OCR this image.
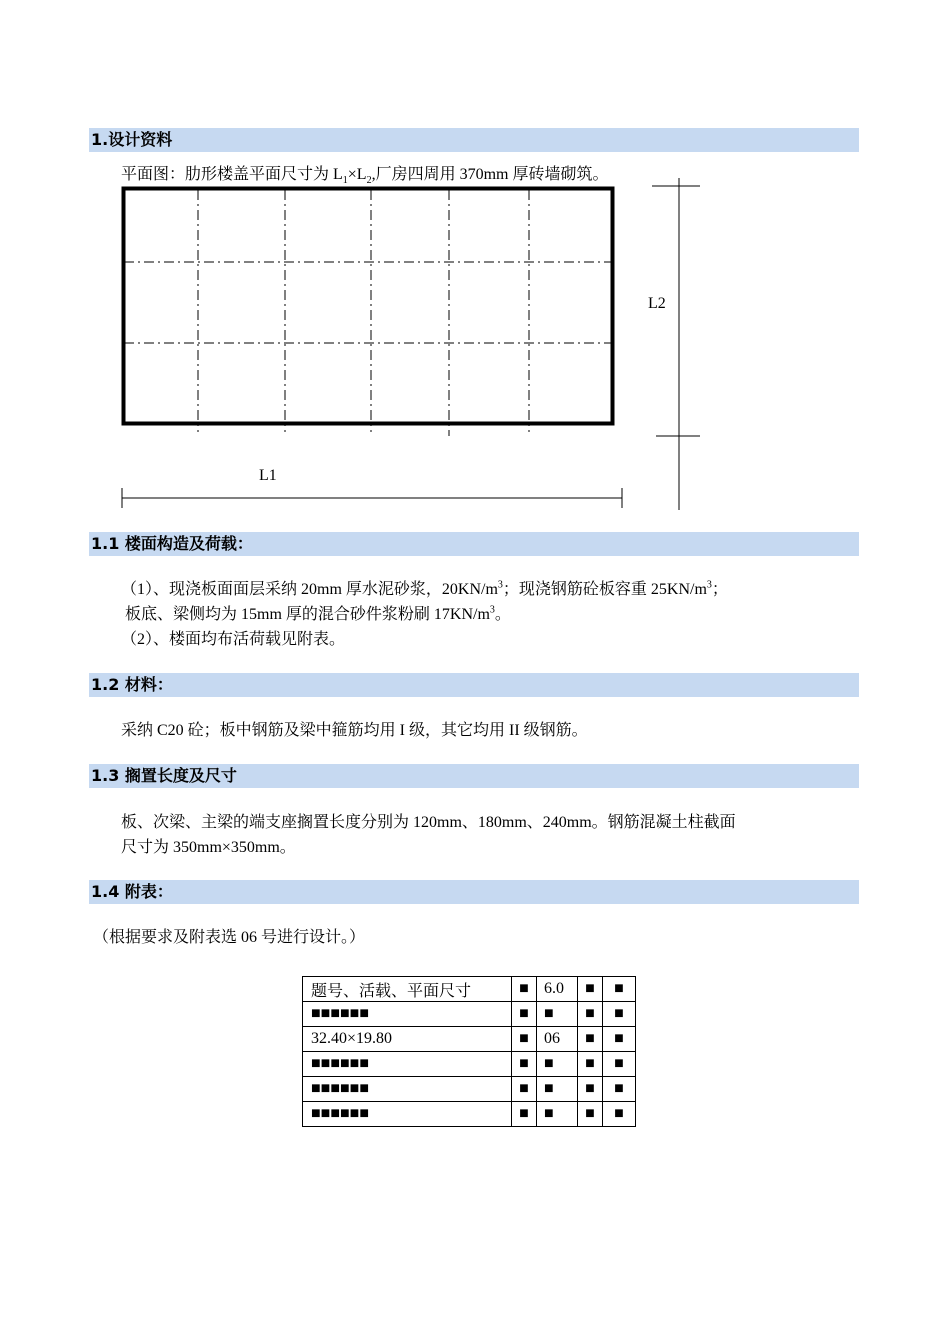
1.设计资料
平面图：肋形楼盖平面尺寸为 $L_1\times L_2$,厂房四周用 370mm 厚砖墙砌筑。
L1
L2
1.1 楼面构造及荷载：
（1）、现浇板面面层采纳 20mm 厚水泥砂浆，$20KN/m^3$；现浇钢筋砼板容重 $25KN/m^3$；
板底、梁侧均为 15mm 厚的混合砂件浆粉刷 $17KN/m^3$。
（2）、楼面均布活荷载见附表。
1.2 材料：
采纳 C20 砼；板中钢筋及梁中箍筋均用 I 级，其它均用 II 级钢筋。
1.3 搁置长度及尺寸
板、次梁、主梁的端支座搁置长度分别为 120mm、180mm、240mm。钢筋混凝土柱截面
尺寸为 350mm×350mm。
1.4 附表：
（根据要求及附表选 06 号进行设计。）
题号、活载、平面尺寸	■	6.0	■	■
■■■■■■	■	■	■	■
32.40×19.80	■	06	■	■
■■■■■■	■	■	■	■
■■■■■■	■	■	■	■
■■■■■■	■	■	■	■
